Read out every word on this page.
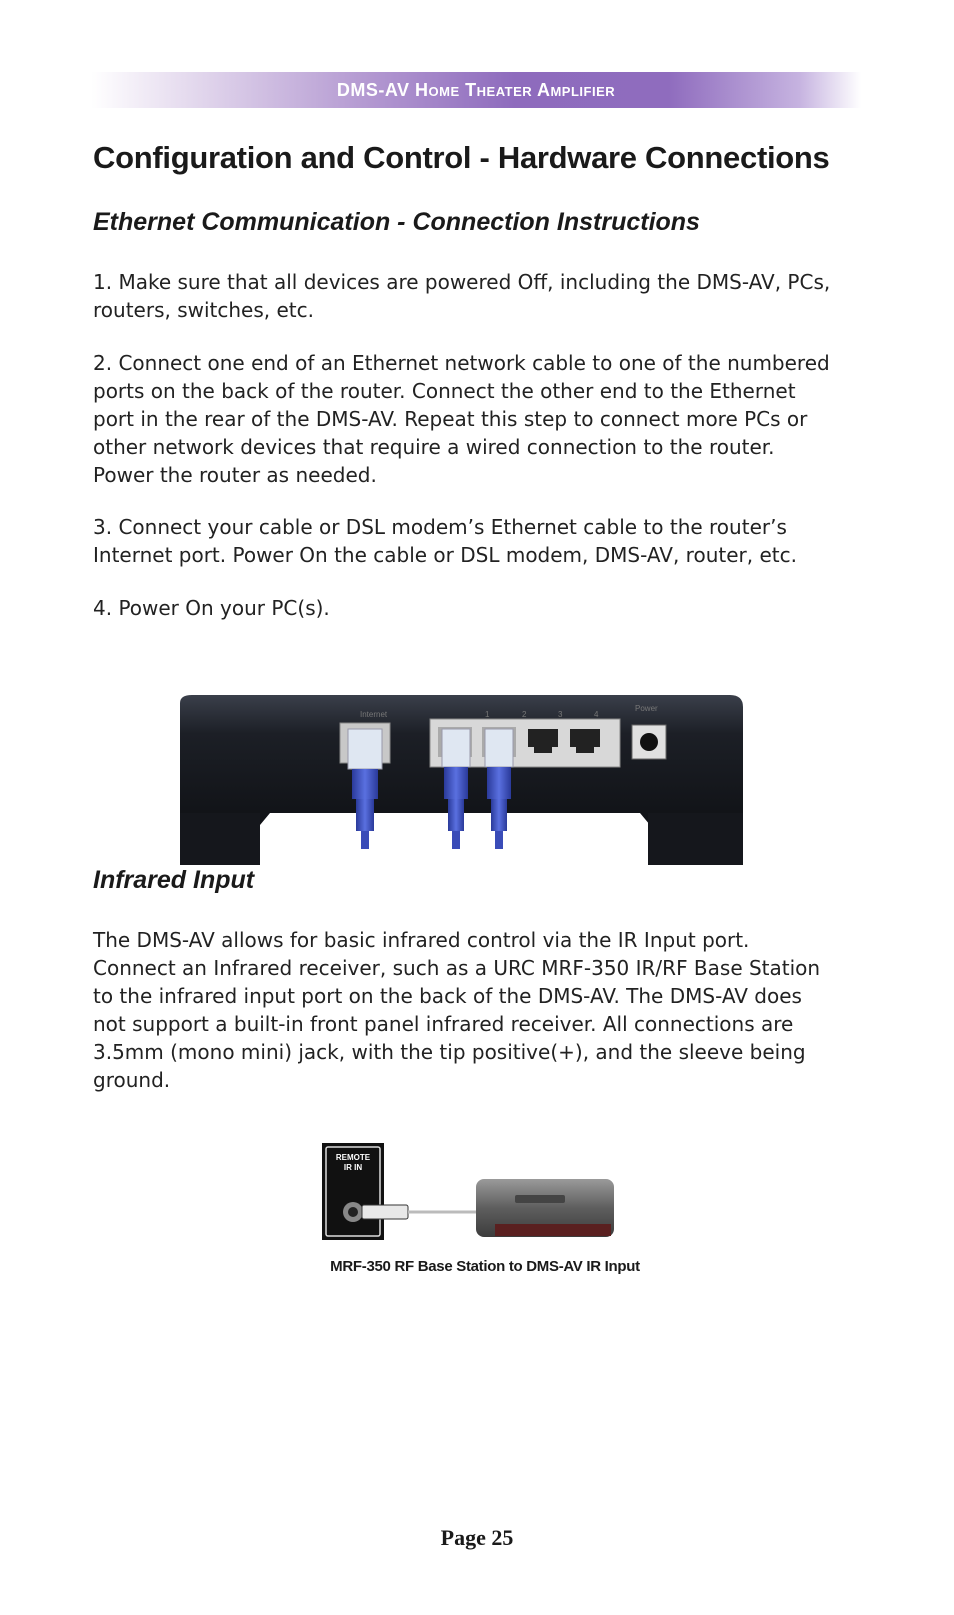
DMS-AV Home Theater Amplifier
Configuration and Control - Hardware Connections
Ethernet Communication - Connection Instructions

1. Make sure that all devices are powered Off, including the DMS-AV, PCs, routers, switches, etc.

2. Connect one end of an Ethernet network cable to one of the numbered ports on the back of the router. Connect the other end to the Ethernet port in the rear of the DMS-AV. Repeat this step to connect more PCs or other network devices that require a wired connection to the router. Power the router as needed.

3. Connect your cable or DSL modem’s Ethernet cable to the router’s Internet port. Power On the cable or DSL modem, DMS-AV, router, etc.

4. Power On your PC(s).

Internet	1	2	3	4
Power
Infrared Input

The DMS-AV allows for basic infrared control via the IR Input port. Connect an Infrared receiver, such as a URC MRF-350 IR/RF Base Station to the infrared input port on the back of the DMS-AV. The DMS-AV does not support a built-in front panel infrared receiver. All connections are 3.5mm (mono mini) jack, with the tip positive(+), and the sleeve being ground.

REMOTE
IR IN

MRF-350 RF Base Station to DMS-AV IR Input

Page 25
